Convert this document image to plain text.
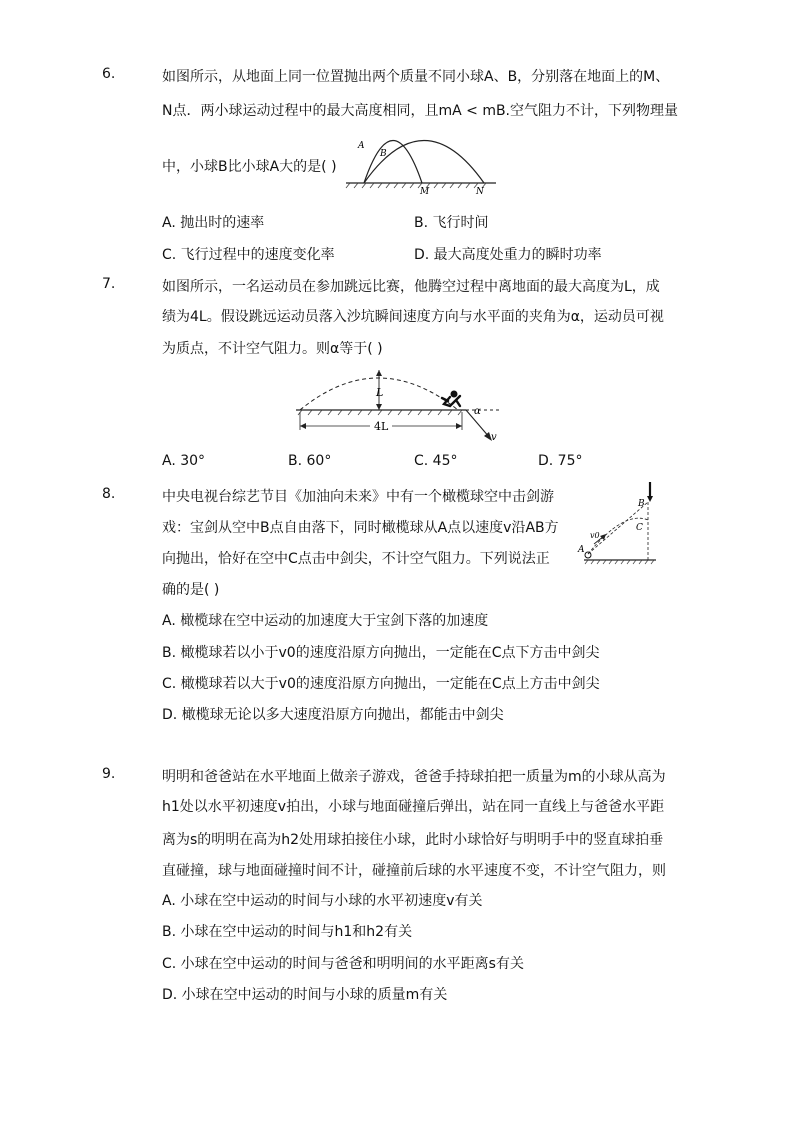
6.	如图所示，从地面上同一位置抛出两个质量不同小球A、B，分别落在地面上的M、
N点．两小球运动过程中的最大高度相同，且mA < mB.空气阻力不计，下列物理量
中，小球B比小球A大的是( )
A. 抛出时的速率	B. 飞行时间
C. 飞行过程中的速度变化率	D. 最大高度处重力的瞬时功率
A
B
M	N
7.	如图所示，一名运动员在参加跳远比赛，他腾空过程中离地面的最大高度为L，成
绩为4L。假设跳远运动员落入沙坑瞬间速度方向与水平面的夹角为α，运动员可视
为质点，不计空气阻力。则α等于( )
A. 30°	B. 60°	C. 45°	D. 75°
L
α
v
4L
8.	中央电视台综艺节目《加油向未来》中有一个橄榄球空中击剑游
戏：宝剑从空中B点自由落下，同时橄榄球从A点以速度v沿AB方
向抛出，恰好在空中C点击中剑尖，不计空气阻力。下列说法正
确的是( )
A. 橄榄球在空中运动的加速度大于宝剑下落的加速度
B. 橄榄球若以小于v0的速度沿原方向抛出，一定能在C点下方击中剑尖
C. 橄榄球若以大于v0的速度沿原方向抛出，一定能在C点上方击中剑尖
D. 橄榄球无论以多大速度沿原方向抛出，都能击中剑尖
A
B
C
v0
9.	明明和爸爸站在水平地面上做亲子游戏，爸爸手持球拍把一质量为m的小球从高为
h1处以水平初速度v拍出，小球与地面碰撞后弹出，站在同一直线上与爸爸水平距
离为s的明明在高为h2处用球拍接住小球，此时小球恰好与明明手中的竖直球拍垂
直碰撞，球与地面碰撞时间不计，碰撞前后球的水平速度不变，不计空气阻力，则
A. 小球在空中运动的时间与小球的水平初速度v有关
B. 小球在空中运动的时间与h1和h2有关
C. 小球在空中运动的时间与爸爸和明明间的水平距离s有关
D. 小球在空中运动的时间与小球的质量m有关
